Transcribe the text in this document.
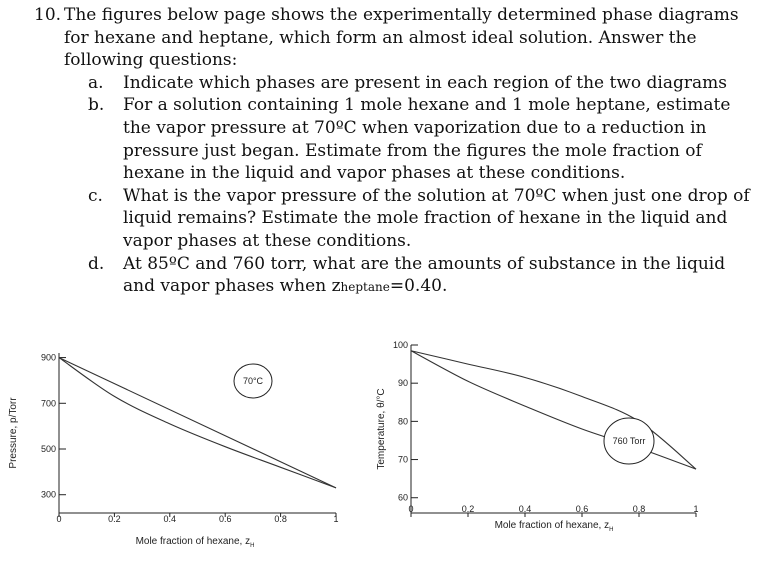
10. The figures below page shows the experimentally determined phase diagrams for hexane and heptane, which form an almost ideal solution. Answer the following questions:
a. Indicate which phases are present in each region of the two diagrams
b. For a solution containing 1 mole hexane and 1 mole heptane, estimate the vapor pressure at 70ºC when vaporization due to a reduction in pressure just began. Estimate from the figures the mole fraction of hexane in the liquid and vapor phases at these conditions.
c. What is the vapor pressure of the solution at 70ºC when just one drop of liquid remains? Estimate the mole fraction of hexane in the liquid and vapor phases at these conditions.
d. At 85ºC and 760 torr, what are the amounts of substance in the liquid and vapor phases when zheptane=0.40.
300
500
700
900
0	0.2	0.4	0.6	0.8	1
Pressure, p/Torr
Mole fraction of hexane, $z_H$
70°C
60
70
80
90
100
0	0.2	0.4	0.6	0.8	1
Temperature, θ/°C
Mole fraction of hexane, $z_H$
760 Torr
